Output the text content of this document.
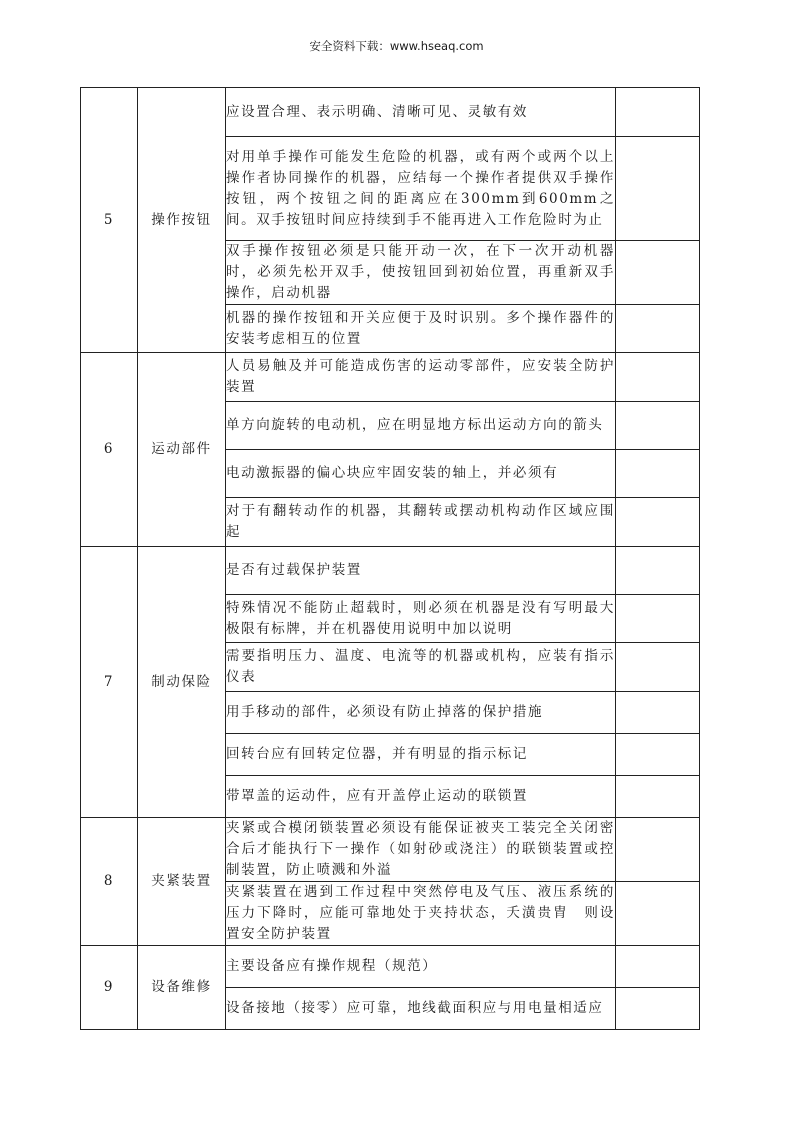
安全资料下载：www.hseaq.com
5	操作按钮	应设置合理、表示明确、清晰可见、灵敏有效	
		对用单手操作可能发生危险的机器，或有两个或两个以上操作者协同操作的机器，应结每一个操作者提供双手操作按钮，两个按钮之间的距离应在300mm到600mm之间。双手按钮时间应持续到手不能再进入工作危险时为止	
		双手操作按钮必须是只能开动一次，在下一次开动机器时，必须先松开双手，使按钮回到初始位置，再重新双手操作，启动机器	
		机器的操作按钮和开关应便于及时识别。多个操作器件的安装考虑相互的位置	
6	运动部件	人员易触及并可能造成伤害的运动零部件，应安装全防护装置	
		单方向旋转的电动机，应在明显地方标出运动方向的箭头	
		电动激振器的偏心块应牢固安装的轴上，并必须有	
		对于有翻转动作的机器，其翻转或摆动机构动作区域应围起	
7	制动保险	是否有过载保护装置	
		特殊情况不能防止超载时，则必须在机器是没有写明最大极限有标牌，并在机器使用说明中加以说明	
		需要指明压力、温度、电流等的机器或机构，应装有指示仪表	
		用手移动的部件，必须设有防止掉落的保护措施	
		回转台应有回转定位器，并有明显的指示标记	
		带罩盖的运动件，应有开盖停止运动的联锁置	
8	夹紧装置	夹紧或合模闭锁装置必须设有能保证被夹工装完全关闭密合后才能执行下一操作（如射砂或浇注）的联锁装置或控制装置，防止喷溅和外溢	
		夹紧装置在遇到工作过程中突然停电及气压、液压系统的压力下降时，应能可靠地处于夹持状态，夭潢贵胄　则设置安全防护装置	
9	设备维修	主要设备应有操作规程（规范）	
		设备接地（接零）应可靠，地线截面积应与用电量相适应	
